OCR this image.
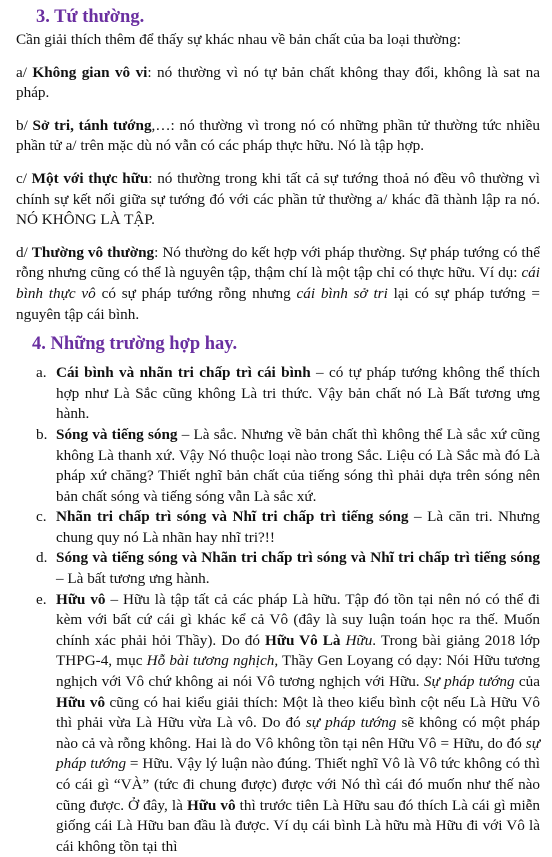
3. Tứ thường.

Cần giải thích thêm để thấy sự khác nhau về bản chất của ba loại thường:

a/ Không gian vô vi: nó thường vì nó tự bản chất không thay đổi, không là sat na pháp.

b/ Sở tri, tánh tướng,…: nó thường vì trong nó có những phần tử thường tức nhiều phần tử a/ trên mặc dù nó vẫn có các pháp thực hữu. Nó là tập hợp.

c/ Một với thực hữu: nó thường trong khi tất cả sự tướng thoả nó đều vô thường vì chính sự kết nối giữa sự tướng đó với các phần tử thường a/ khác đã thành lập ra nó. NÓ KHÔNG LÀ TẬP.

d/ Thường vô thường: Nó thường do kết hợp với pháp thường. Sự pháp tướng có thể rỗng nhưng cũng có thể là nguyên tập, thậm chí là một tập chỉ có thực hữu. Ví dụ: cái bình thực vô có sự pháp tướng rỗng nhưng cái bình sở tri lại có sự pháp tướng = nguyên tập cái bình.

4. Những trường hợp hay.
a. Cái bình và nhãn tri chấp trì cái bình – có tự pháp tướng không thể thích hợp như Là Sắc cũng không Là tri thức. Vậy bản chất nó Là Bất tương ưng hành.
b. Sóng và tiếng sóng – Là sắc. Nhưng về bản chất thì không thể Là sắc xứ cũng không Là thanh xứ. Vậy Nó thuộc loại nào trong Sắc. Liệu có Là Sắc mà đó Là pháp xứ chăng? Thiết nghĩ bản chất của tiếng sóng thì phải dựa trên sóng nên bản chất sóng và tiếng sóng vẫn Là sắc xứ.
c. Nhãn tri chấp trì sóng và Nhĩ tri chấp trì tiếng sóng – Là căn tri. Nhưng chung quy nó Là nhãn hay nhĩ tri?!!
d. Sóng và tiếng sóng và Nhãn tri chấp trì sóng và Nhĩ tri chấp trì tiếng sóng – Là bất tương ưng hành.
e. Hữu vô – Hữu là tập tất cả các pháp Là hữu. Tập đó tồn tại nên nó có thể đi kèm với bất cứ cái gì khác kể cả Vô (đây là suy luận toán học ra thế. Muốn chính xác phải hỏi Thầy). Do đó Hữu Vô Là Hữu. Trong bài giảng 2018 lớp THPG-4, mục Hỗ bài tương nghịch, Thầy Gen Loyang có dạy: Nói Hữu tương nghịch với Vô chứ không ai nói Vô tương nghịch với Hữu. Sự pháp tướng của Hữu vô cũng có hai kiểu giải thích: Một là theo kiểu bình cột nếu Là Hữu Vô thì phải vừa Là Hữu vừa Là vô. Do đó sự pháp tướng sẽ không có một pháp nào cả và rỗng không. Hai là do Vô không tồn tại nên Hữu Vô = Hữu, do đó sự pháp tướng = Hữu. Vậy lý luận nào đúng. Thiết nghĩ Vô là Vô tức không có thì có cái gì “VÀ” (tức đi chung được) được với Nó thì cái đó muốn như thế nào cũng được. Ở đây, là Hữu vô thì trước tiên Là Hữu sau đó thích Là cái gì miễn giống cái Là Hữu ban đầu là được. Ví dụ cái bình Là hữu mà Hữu đi với Vô là cái không tồn tại thì
